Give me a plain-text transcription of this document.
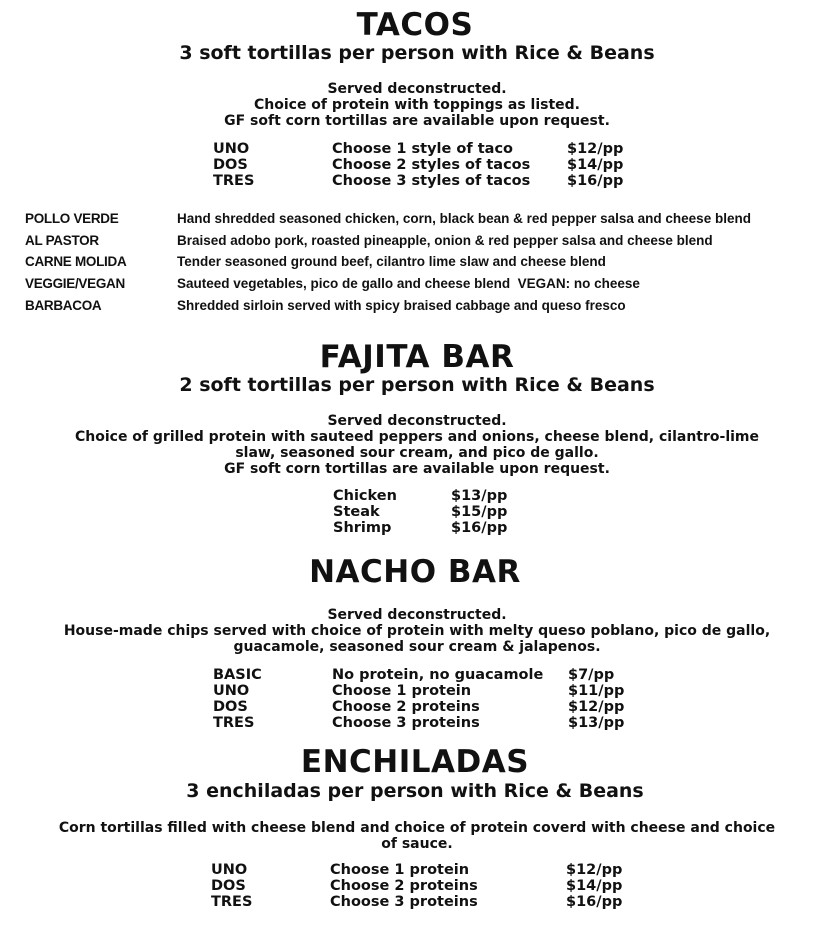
TACOS
3 soft tortillas per person with Rice & Beans
Served deconstructed.
Choice of protein with toppings as listed.
GF soft corn tortillas are available upon request.
UNO	Choose 1 style of taco	$12/pp
DOS	Choose 2 styles of tacos	$14/pp
TRES	Choose 3 styles of tacos	$16/pp
POLLO VERDE	Hand shredded seasoned chicken, corn, black bean & red pepper salsa and cheese blend
AL PASTOR	Braised adobo pork, roasted pineapple, onion & red pepper salsa and cheese blend
CARNE MOLIDA	Tender seasoned ground beef, cilantro lime slaw and cheese blend
VEGGIE/VEGAN	Sauteed vegetables, pico de gallo and cheese blend VEGAN: no cheese
BARBACOA	Shredded sirloin served with spicy braised cabbage and queso fresco
FAJITA BAR
2 soft tortillas per person with Rice & Beans
Served deconstructed.
Choice of grilled protein with sauteed peppers and onions, cheese blend, cilantro-lime
slaw, seasoned sour cream, and pico de gallo.
GF soft corn tortillas are available upon request.
Chicken	$13/pp
Steak	$15/pp
Shrimp	$16/pp
NACHO BAR
Served deconstructed.
House-made chips served with choice of protein with melty queso poblano, pico de gallo,
guacamole, seasoned sour cream & jalapenos.
BASIC	No protein, no guacamole	$7/pp
UNO	Choose 1 protein	$11/pp
DOS	Choose 2 proteins	$12/pp
TRES	Choose 3 proteins	$13/pp
ENCHILADAS
3 enchiladas per person with Rice & Beans
Corn tortillas filled with cheese blend and choice of protein coverd with cheese and choice
of sauce.
UNO	Choose 1 protein	$12/pp
DOS	Choose 2 proteins	$14/pp
TRES	Choose 3 proteins	$16/pp
